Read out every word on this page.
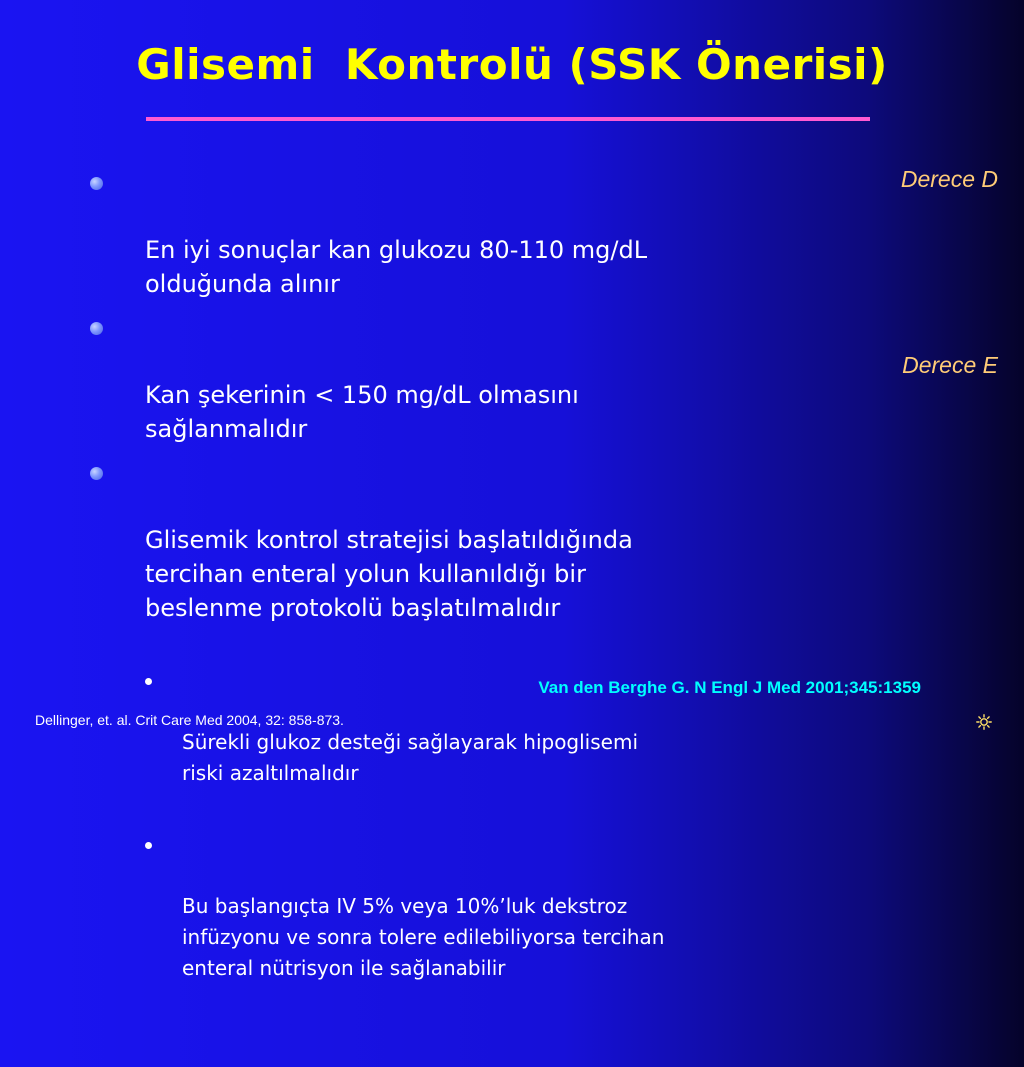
Glisemi  Kontrolü (SSK Önerisi)

En iyi sonuçlar kan glukozu 80-110 mg/dL
olduğunda alınır

Kan şekerinin < 150 mg/dL olmasını
sağlanmalıdır

Glisemik kontrol stratejisi başlatıldığında
tercihan enteral yolun kullanıldığı bir
beslenme protokolü başlatılmalıdır

Sürekli glukoz desteği sağlayarak hipoglisemi
riski azaltılmalıdır

Bu başlangıçta IV 5% veya 10%’luk dekstroz
infüzyonu ve sonra tolere edilebiliyorsa tercihan
enteral nütrisyon ile sağlanabilir

Derece D
Derece E
Van den Berghe G. N Engl J Med 2001;345:1359
Dellinger, et. al. Crit Care Med 2004, 32: 858-873.
